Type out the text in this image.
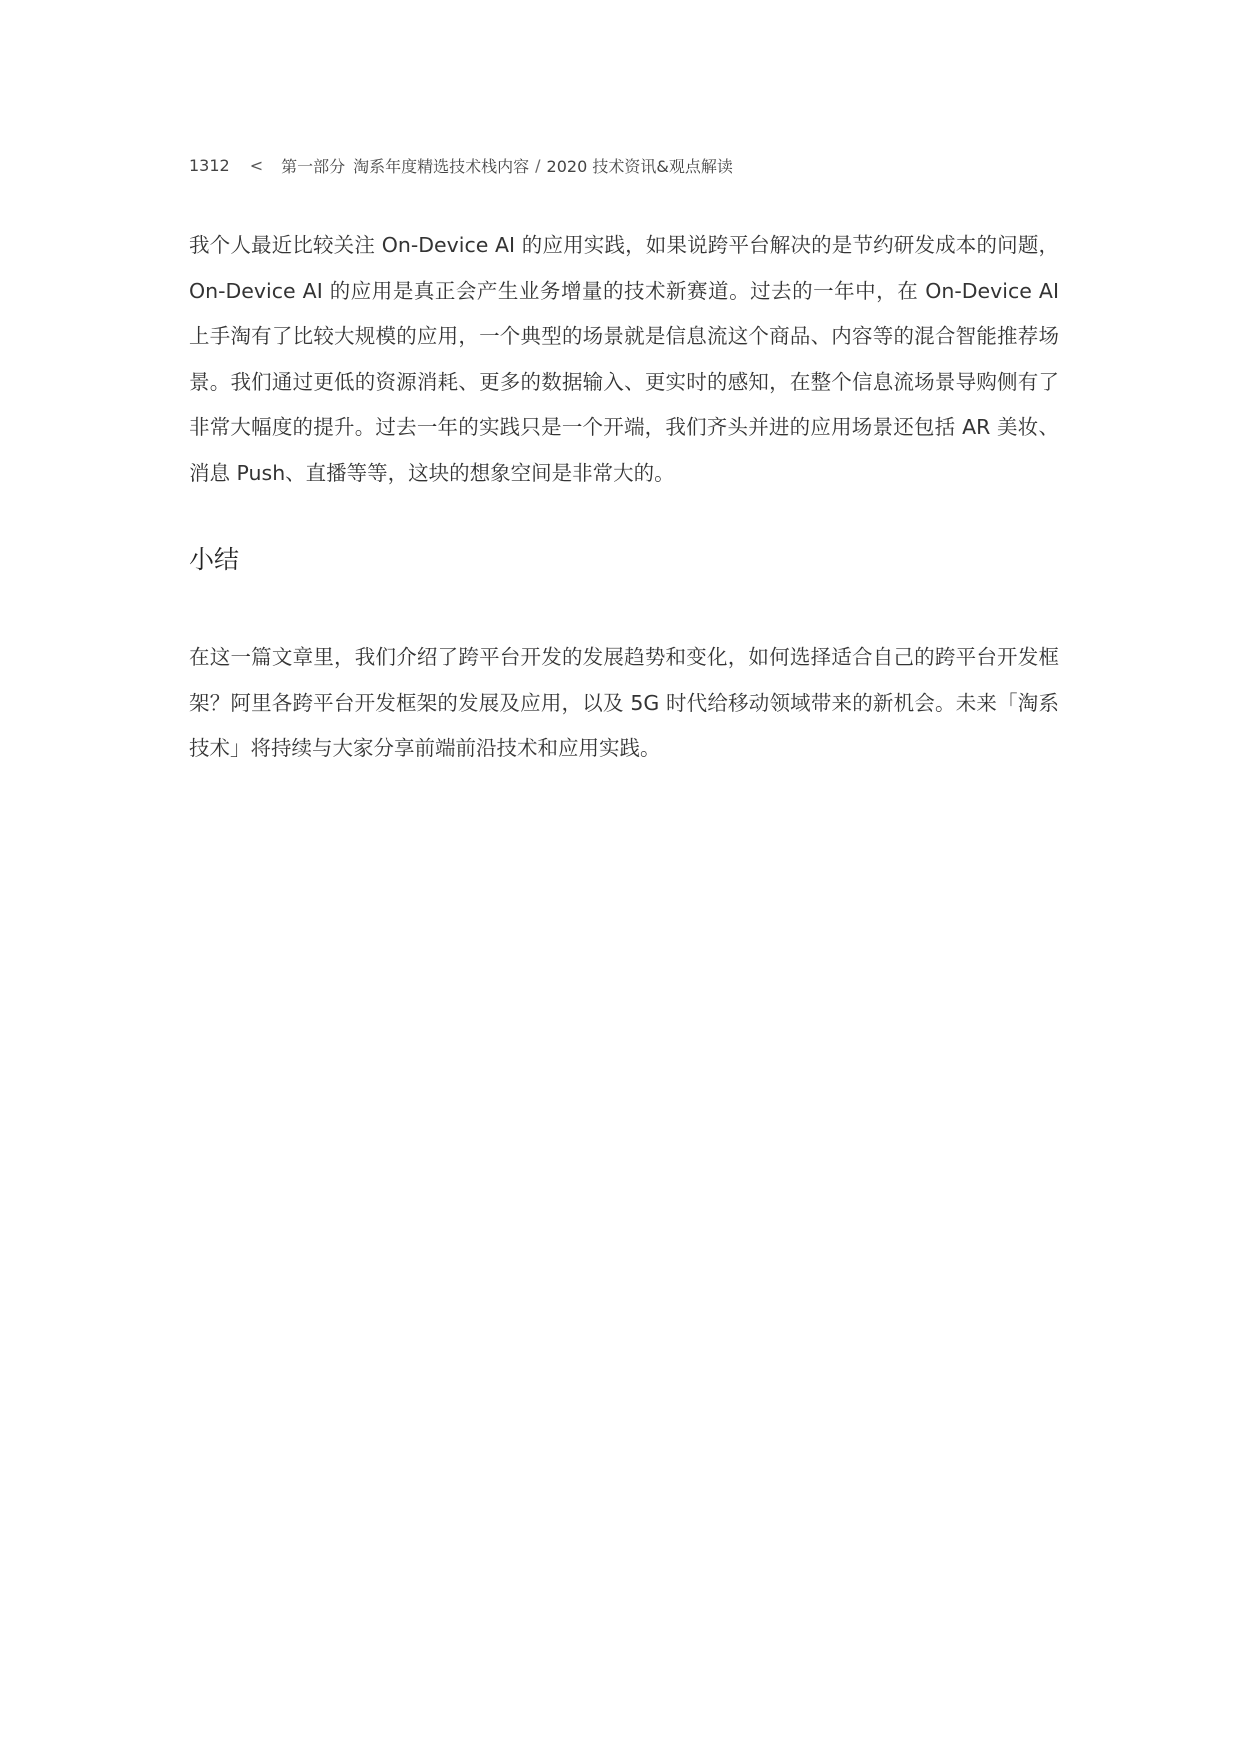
1312 < 第一部分 淘系年度精选技术栈内容 / 2020 技术资讯&观点解读

我个人最近比较关注 On-Device AI 的应用实践，如果说跨平台解决的是节约研发成本的问题，On-Device AI 的应用是真正会产生业务增量的技术新赛道。过去的一年中，在 On-Device AI 上手淘有了比较大规模的应用，一个典型的场景就是信息流这个商品、内容等的混合智能推荐场景。我们通过更低的资源消耗、更多的数据输入、更实时的感知，在整个信息流场景导购侧有了非常大幅度的提升。过去一年的实践只是一个开端，我们齐头并进的应用场景还包括 AR 美妆、消息 Push、直播等等，这块的想象空间是非常大的。

小结

在这一篇文章里，我们介绍了跨平台开发的发展趋势和变化，如何选择适合自己的跨平台开发框架？阿里各跨平台开发框架的发展及应用，以及 5G 时代给移动领域带来的新机会。未来「淘系技术」将持续与大家分享前端前沿技术和应用实践。
